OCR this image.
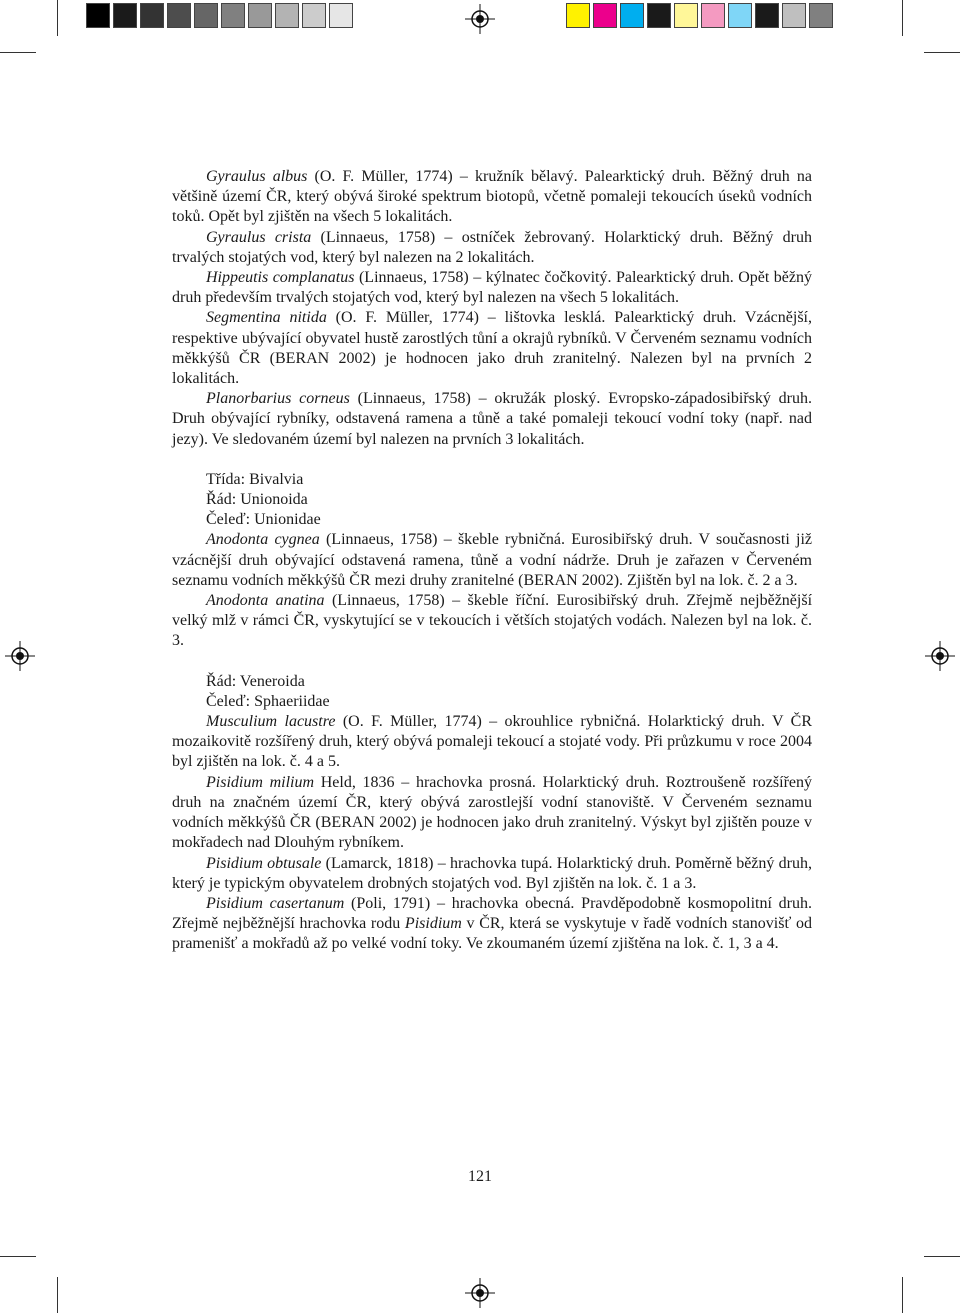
Gyraulus albus (O. F. Müller, 1774) – kružník bělavý. Palearktický druh. Běžný druh na většině území ČR, který obývá široké spektrum biotopů, včetně pomaleji tekoucích úseků vodních toků. Opět byl zjištěn na všech 5 lokalitách.

Gyraulus crista (Linnaeus, 1758) – ostníček žebrovaný. Holarktický druh. Běžný druh trvalých stojatých vod, který byl nalezen na 2 lokalitách.

Hippeutis complanatus (Linnaeus, 1758) – kýlnatec čočkovitý. Palearktický druh. Opět běžný druh především trvalých stojatých vod, který byl nalezen na všech 5 lokalitách.

Segmentina nitida (O. F. Müller, 1774) – lištovka lesklá. Palearktický druh. Vzácnější, respektive ubývající obyvatel hustě zarostlých tůní a okrajů rybníků. V Červeném seznamu vodních měkkýšů ČR (BERAN 2002) je hodnocen jako druh zranitelný. Nalezen byl na prvních 2 lokalitách.

Planorbarius corneus (Linnaeus, 1758) – okružák ploský. Evropsko-západosibiřský druh. Druh obývající rybníky, odstavená ramena a tůně a také pomaleji tekoucí vodní toky (např. nad jezy). Ve sledovaném území byl nalezen na prvních 3 lokalitách.

Třída: Bivalvia

Řád: Unionoida

Čeleď: Unionidae

Anodonta cygnea (Linnaeus, 1758) – škeble rybničná. Eurosibiřský druh. V současnosti již vzácnější druh obývající odstavená ramena, tůně a vodní nádrže. Druh je zařazen v Červeném seznamu vodních měkkýšů ČR mezi druhy zranitelné (BERAN 2002). Zjištěn byl na lok. č. 2 a 3.

Anodonta anatina (Linnaeus, 1758) – škeble říční. Eurosibiřský druh. Zřejmě nejběžnější velký mlž v rámci ČR, vyskytující se v tekoucích i větších stojatých vodách. Nalezen byl na lok. č. 3.

Řád: Veneroida

Čeleď: Sphaeriidae

Musculium lacustre (O. F. Müller, 1774) – okrouhlice rybničná. Holarktický druh. V ČR mozaikovitě rozšířený druh, který obývá pomaleji tekoucí a stojaté vody. Při průzkumu v roce 2004 byl zjištěn na lok. č. 4 a 5.

Pisidium milium Held, 1836 – hrachovka prosná. Holarktický druh. Roztroušeně rozšířený druh na značném území ČR, který obývá zarostlejší vodní stanoviště. V Červeném seznamu vodních měkkýšů ČR (BERAN 2002) je hodnocen jako druh zranitelný. Výskyt byl zjištěn pouze v mokřadech nad Dlouhým rybníkem.

Pisidium obtusale (Lamarck, 1818) – hrachovka tupá. Holarktický druh. Poměrně běžný druh, který je typickým obyvatelem drobných stojatých vod. Byl zjištěn na lok. č. 1 a 3.

Pisidium casertanum (Poli, 1791) – hrachovka obecná. Pravděpodobně kosmopolitní druh. Zřejmě nejběžnější hrachovka rodu Pisidium v ČR, která se vyskytuje v řadě vodních stanovišť od pramenišť a mokřadů až po velké vodní toky. Ve zkoumaném území zjištěna na lok. č. 1, 3 a 4.

121
